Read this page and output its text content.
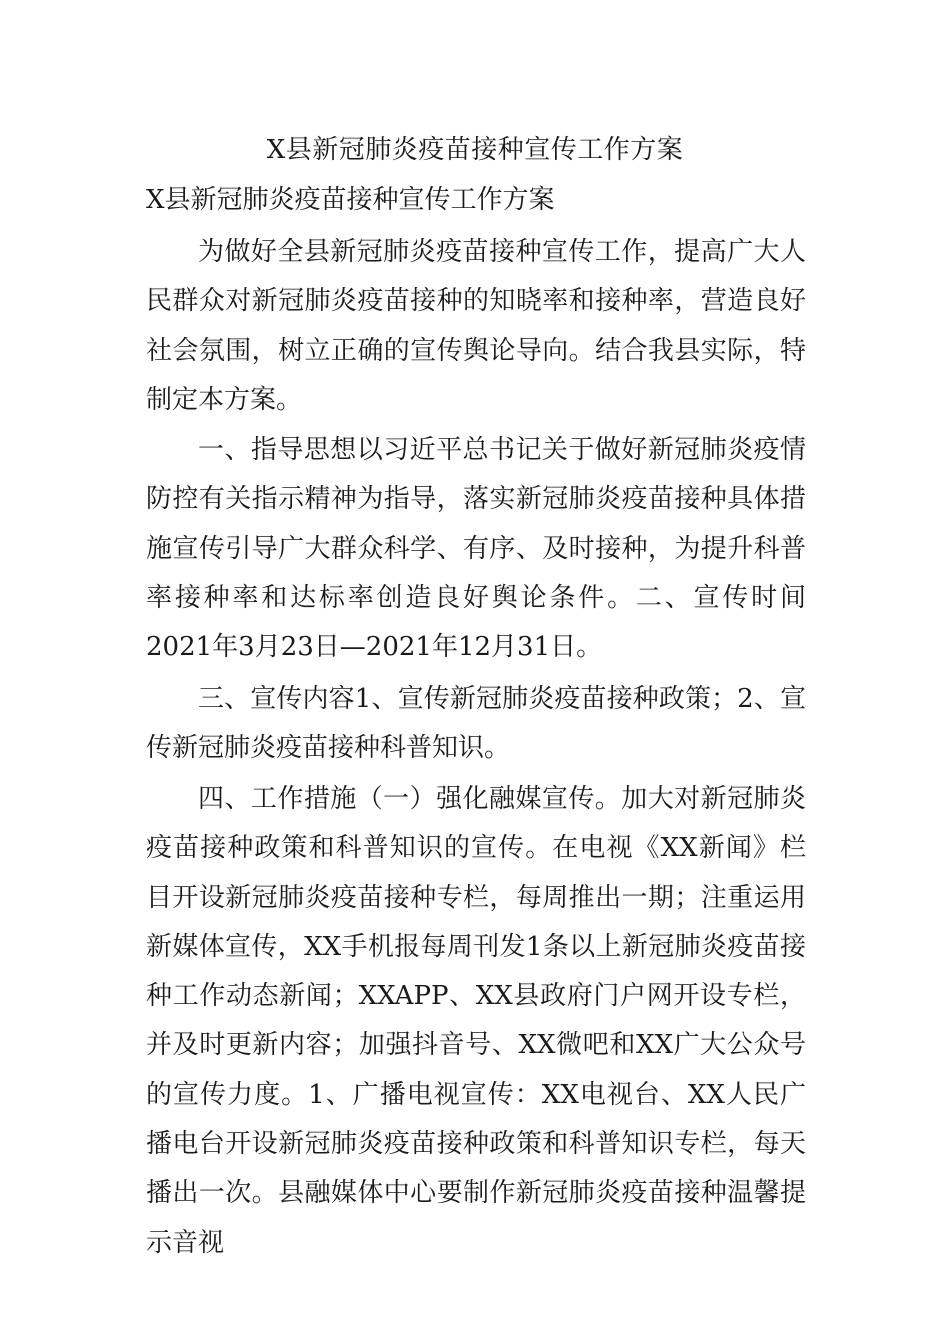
X县新冠肺炎疫苗接种宣传工作方案
X县新冠肺炎疫苗接种宣传工作方案

为做好全县新冠肺炎疫苗接种宣传工作，提高广大人民群众对新冠肺炎疫苗接种的知晓率和接种率，营造良好社会氛围，树立正确的宣传舆论导向。结合我县实际，特制定本方案。

一、指导思想以习近平总书记关于做好新冠肺炎疫情防控有关指示精神为指导，落实新冠肺炎疫苗接种具体措施宣传引导广大群众科学、有序、及时接种，为提升科普率接种率和达标率创造良好舆论条件。二、宣传时间2021年3月23日—2021年12月31日。

三、宣传内容1、宣传新冠肺炎疫苗接种政策；2、宣传新冠肺炎疫苗接种科普知识。

四、工作措施（一）强化融媒宣传。加大对新冠肺炎疫苗接种政策和科普知识的宣传。在电视《XX新闻》栏目开设新冠肺炎疫苗接种专栏，每周推出一期；注重运用新媒体宣传，XX手机报每周刊发1条以上新冠肺炎疫苗接种工作动态新闻；XXAPP、XX县政府门户网开设专栏，并及时更新内容；加强抖音号、XX微吧和XX广大公众号的宣传力度。1、广播电视宣传：XX电视台、XX人民广播电台开设新冠肺炎疫苗接种政策和科普知识专栏，每天播出一次。县融媒体中心要制作新冠肺炎疫苗接种温馨提示音视
